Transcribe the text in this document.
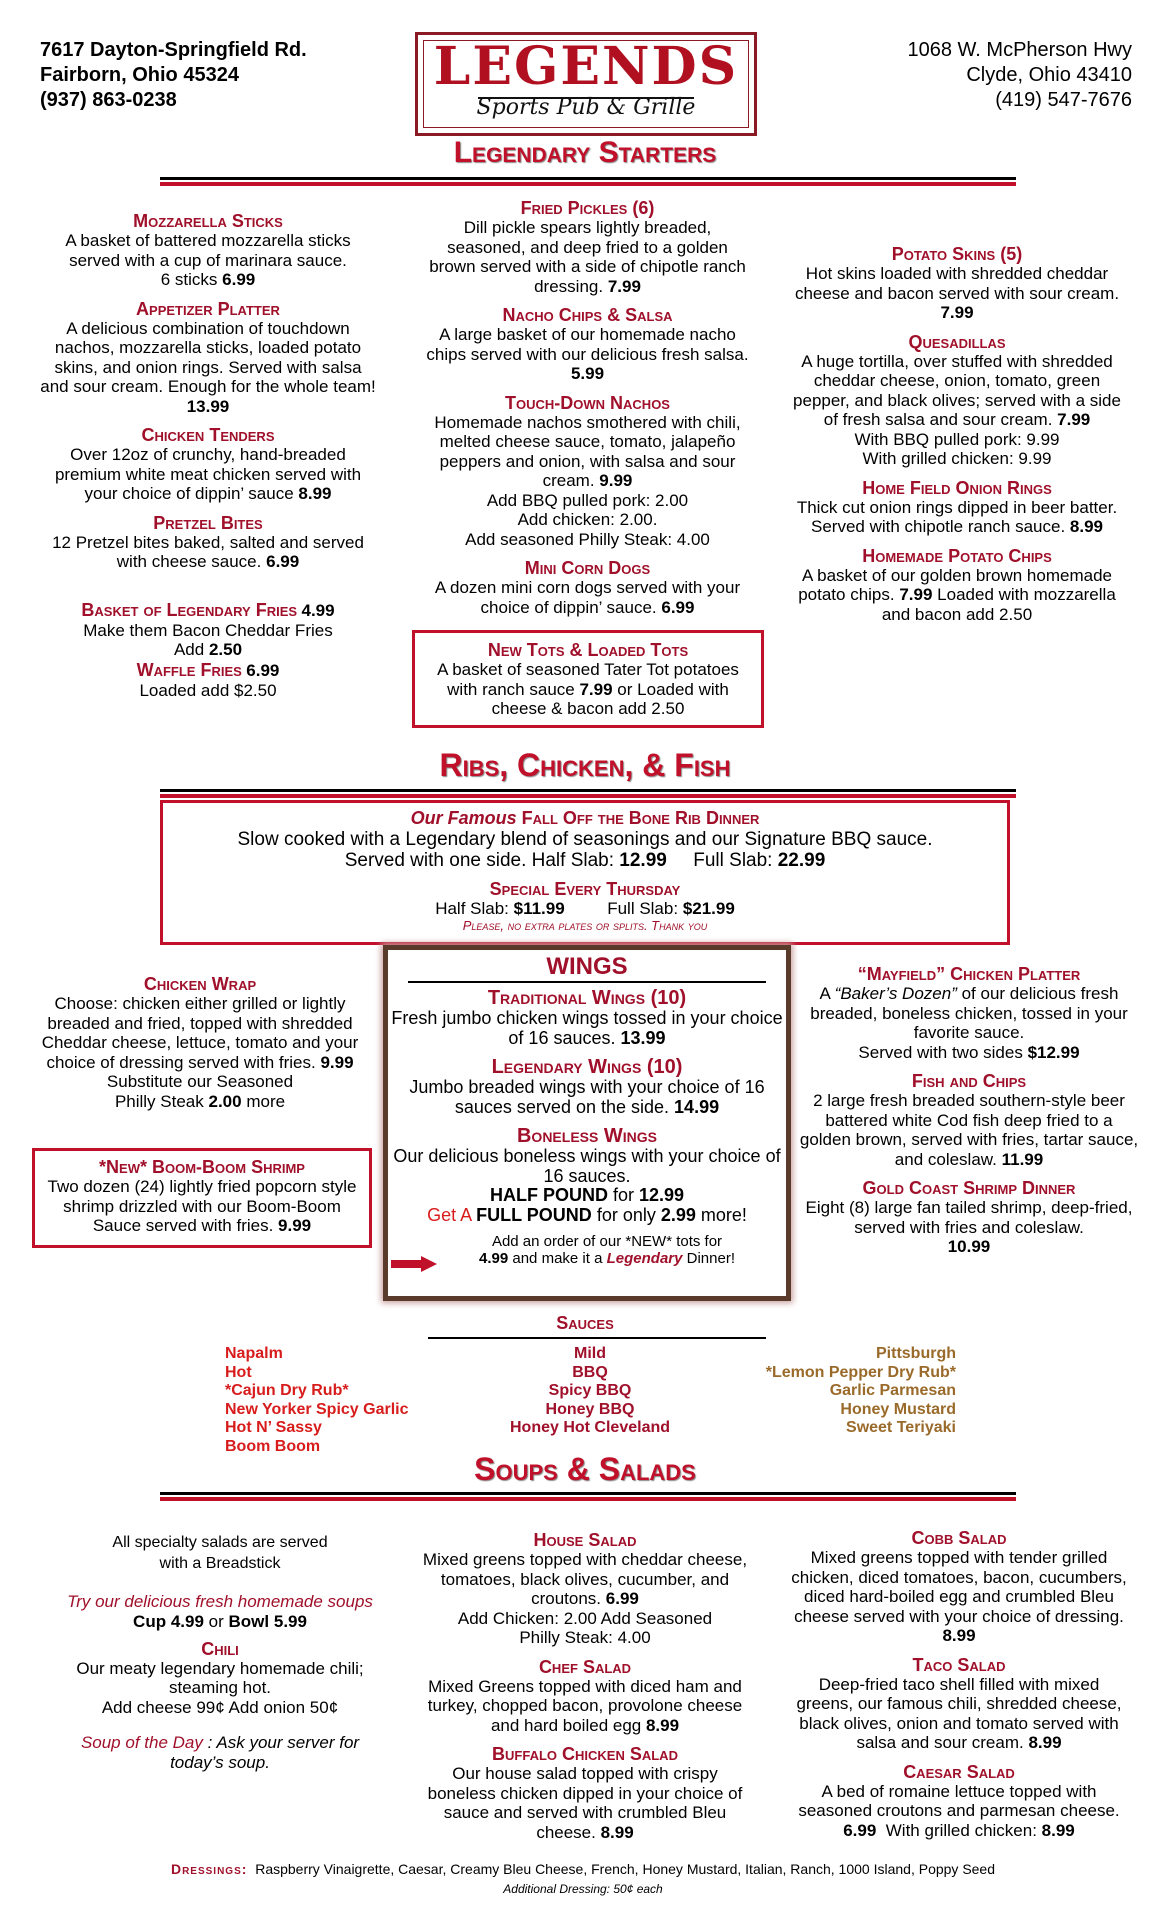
7617 Dayton-Springfield Rd.
Fairborn, Ohio 45324
(937) 863-0238
LEGENDS
Sports Pub & Grille
1068 W. McPherson Hwy
Clyde, Ohio 43410
(419) 547-7676
Legendary Starters
Mozzarella Sticks
A basket of battered mozzarella sticks served with a cup of marinara sauce.
6 sticks 6.99
Appetizer Platter
A delicious combination of touchdown nachos, mozzarella sticks, loaded potato skins, and onion rings. Served with salsa and sour cream. Enough for the whole team! 13.99
Chicken Tenders
Over 12oz of crunchy, hand-breaded premium white meat chicken served with your choice of dippin’ sauce 8.99
Pretzel Bites
12 Pretzel bites baked, salted and served with cheese sauce. 6.99
Basket of Legendary Fries 4.99
Make them Bacon Cheddar Fries
Add 2.50
Waffle Fries 6.99
Loaded add $2.50
Fried Pickles (6)
Dill pickle spears lightly breaded, seasoned, and deep fried to a golden brown served with a side of chipotle ranch dressing. 7.99
Nacho Chips & Salsa
A large basket of our homemade nacho chips served with our delicious fresh salsa. 5.99
Touch-Down Nachos
Homemade nachos smothered with chili, melted cheese sauce, tomato, jalapeño peppers and onion, with salsa and sour cream. 9.99
Add BBQ pulled pork: 2.00
Add chicken: 2.00.
Add seasoned Philly Steak: 4.00
Mini Corn Dogs
A dozen mini corn dogs served with your choice of dippin’ sauce. 6.99
New Tots & Loaded Tots
A basket of seasoned Tater Tot potatoes with ranch sauce 7.99 or Loaded with cheese & bacon add 2.50
Potato Skins (5)
Hot skins loaded with shredded cheddar cheese and bacon served with sour cream. 7.99
Quesadillas
A huge tortilla, over stuffed with shredded cheddar cheese, onion, tomato, green pepper, and black olives; served with a side of fresh salsa and sour cream. 7.99
With BBQ pulled pork: 9.99
With grilled chicken: 9.99
Home Field Onion Rings
Thick cut onion rings dipped in beer batter. Served with chipotle ranch sauce. 8.99
Homemade Potato Chips
A basket of our golden brown homemade potato chips. 7.99 Loaded with mozzarella and bacon add 2.50
Ribs, Chicken, & Fish
Our Famous Fall Off the Bone Rib Dinner
Slow cooked with a Legendary blend of seasonings and our Signature BBQ sauce.
Served with one side. Half Slab: 12.99 Full Slab: 22.99
Special Every Thursday
Half Slab: $11.99	Full Slab: $21.99
Please, no extra plates or splits. Thank you
Chicken Wrap
Choose: chicken either grilled or lightly breaded and fried, topped with shredded Cheddar cheese, lettuce, tomato and your choice of dressing served with fries. 9.99
Substitute our Seasoned
Philly Steak 2.00 more
*New* Boom-Boom Shrimp
Two dozen (24) lightly fried popcorn style shrimp drizzled with our Boom-Boom Sauce served with fries. 9.99
WINGS
Traditional Wings (10)
Fresh jumbo chicken wings tossed in your choice of 16 sauces. 13.99
Legendary Wings (10)
Jumbo breaded wings with your choice of 16 sauces served on the side. 14.99
Boneless Wings
Our delicious boneless wings with your choice of 16 sauces.
HALF POUND for 12.99
Get A FULL POUND for only 2.99 more!
Add an order of our *NEW* tots for
4.99 and make it a Legendary Dinner!
“Mayfield” Chicken Platter
A “Baker’s Dozen” of our delicious fresh breaded, boneless chicken, tossed in your favorite sauce.
Served with two sides $12.99
Fish and Chips
2 large fresh breaded southern-style beer battered white Cod fish deep fried to a golden brown, served with fries, tartar sauce, and coleslaw. 11.99
Gold Coast Shrimp Dinner
Eight (8) large fan tailed shrimp, deep-fried, served with fries and coleslaw.
10.99
Sauces
Napalm
Hot
*Cajun Dry Rub*
New Yorker Spicy Garlic
Hot N’ Sassy
Boom Boom
Mild
BBQ
Spicy BBQ
Honey BBQ
Honey Hot Cleveland
Pittsburgh
*Lemon Pepper Dry Rub*
Garlic Parmesan
Honey Mustard
Sweet Teriyaki
Soups & Salads
All specialty salads are served
with a Breadstick
Try our delicious fresh homemade soups
Cup 4.99 or Bowl 5.99
Chili
Our meaty legendary homemade chili; steaming hot.
Add cheese 99¢ Add onion 50¢
Soup of the Day : Ask your server for today’s soup.
House Salad
Mixed greens topped with cheddar cheese, tomatoes, black olives, cucumber, and croutons. 6.99
Add Chicken: 2.00 Add Seasoned
Philly Steak: 4.00
Chef Salad
Mixed Greens topped with diced ham and turkey, chopped bacon, provolone cheese and hard boiled egg 8.99
Buffalo Chicken Salad
Our house salad topped with crispy boneless chicken dipped in your choice of sauce and served with crumbled Bleu cheese. 8.99
Cobb Salad
Mixed greens topped with tender grilled chicken, diced tomatoes, bacon, cucumbers, diced hard-boiled egg and crumbled Bleu cheese served with your choice of dressing. 8.99
Taco Salad
Deep-fried taco shell filled with mixed greens, our famous chili, shredded cheese, black olives, onion and tomato served with salsa and sour cream. 8.99
Caesar Salad
A bed of romaine lettuce topped with seasoned croutons and parmesan cheese. 6.99 With grilled chicken: 8.99
Dressings: Raspberry Vinaigrette, Caesar, Creamy Bleu Cheese, French, Honey Mustard, Italian, Ranch, 1000 Island, Poppy Seed
Additional Dressing: 50¢ each
